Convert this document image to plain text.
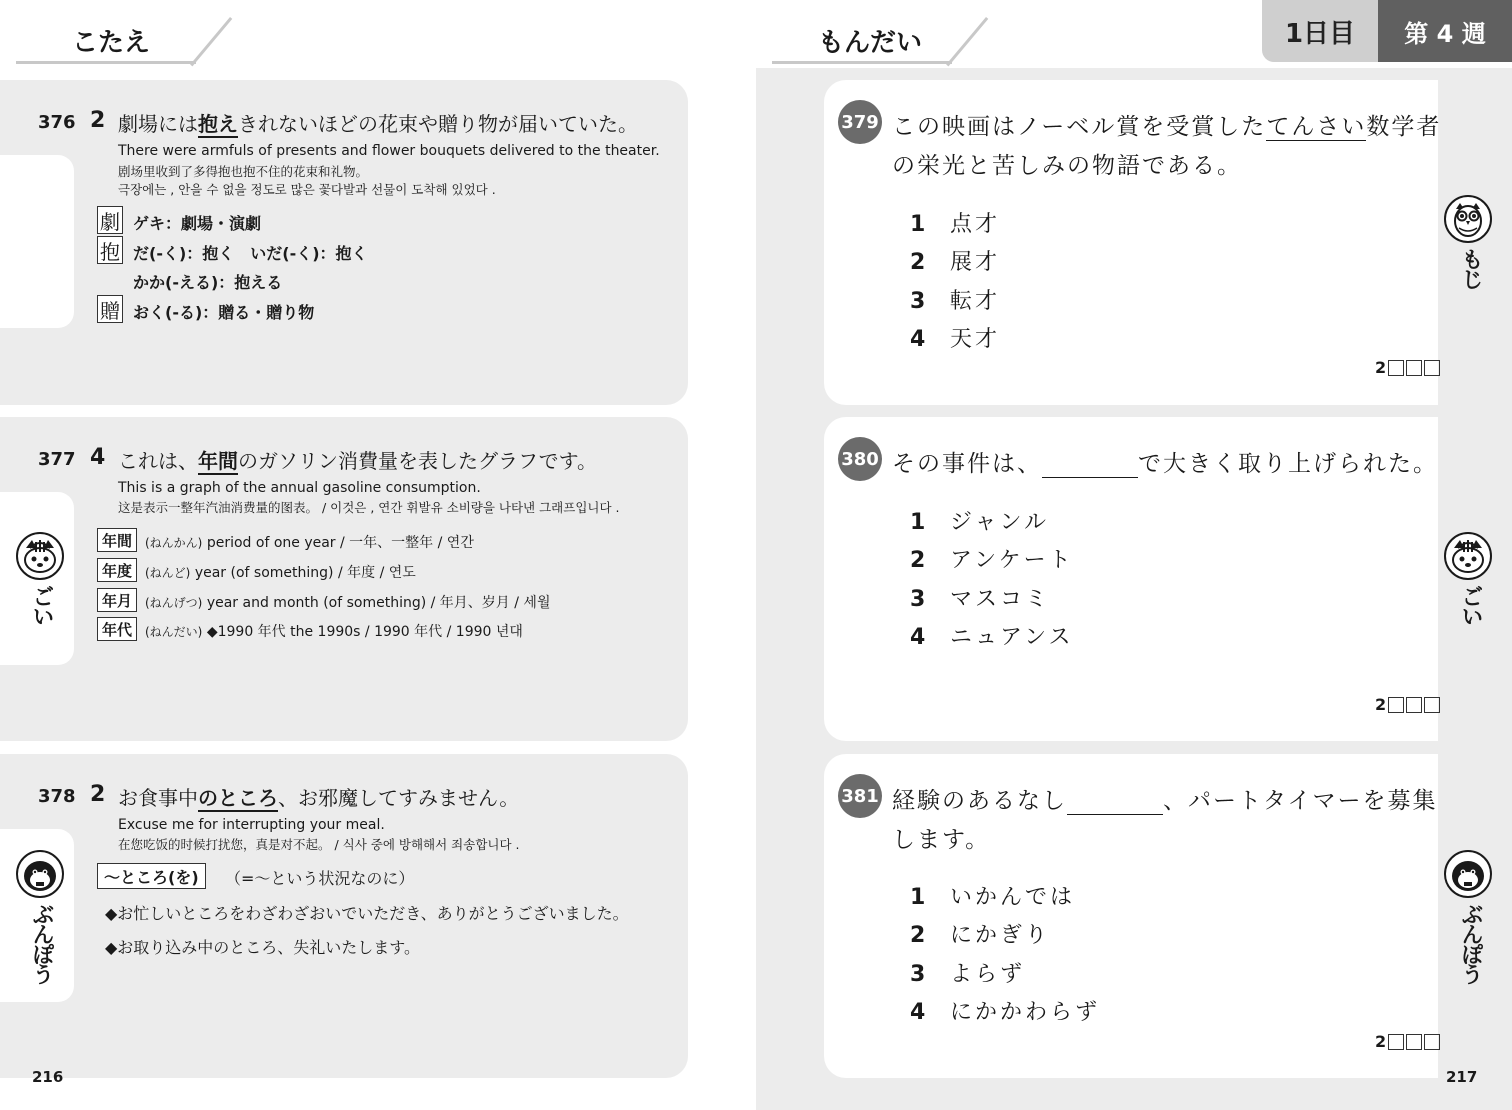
こたえ
376 2 劇場には抱えきれないほどの花束や贈り物が届いていた。
There were armfuls of presents and flower bouquets delivered to the theater.
剧场里收到了多得抱也抱不住的花束和礼物。
극장에는 , 안을 수 없을 정도로 많은 꽃다발과 선물이 도착해 있었다 .
劇 ゲキ：劇場・演劇
抱 だ(-く)：抱く　いだ(-く)：抱く
かか(-える)：抱える
贈 おく(-る)：贈る・贈り物
ごい
377 4 これは、年間のガソリン消費量を表したグラフです。
This is a graph of the annual gasoline consumption.
这是表示一整年汽油消费量的图表。 / 이것은 , 연간 휘발유 소비량을 나타낸 그래프입니다 .
年間	(ねんかん) period of one year / 一年、一整年 / 연간
年度	(ねんど) year (of something) / 年度 / 연도
年月	(ねんげつ) year and month (of something) / 年月、岁月 / 세월
年代	(ねんだい) ◆1990 年代 the 1990s / 1990 年代 / 1990 년대
ぶんぽう
378 2 お食事中のところ、お邪魔してすみません。
Excuse me for interrupting your meal.
在您吃饭的时候打扰您，真是对不起。 / 식사 중에 방해해서 죄송합니다 .
～ところ(を)	（=～という状況なのに）
◆お忙しいところをわざわざおいでいただき、ありがとうございました。
◆お取り込み中のところ、失礼いたします。
216
もんだい	1日目	第 4 週
もじ
ごい
ぶんぽう
379 この映画はノーベル賞を受賞したてんさい数学者
の栄光と苦しみの物語である。
1 点才
2 展才
3 転才
4 天才
2
380 その事件は、	で大きく取り上げられた。
1 ジャンル
2 アンケート
3 マスコミ
4 ニュアンス
2
381 経験のあるなし	、パートタイマーを募集
します。
1 いかんでは
2 にかぎり
3 よらず
4 にかかわらず
2
217
